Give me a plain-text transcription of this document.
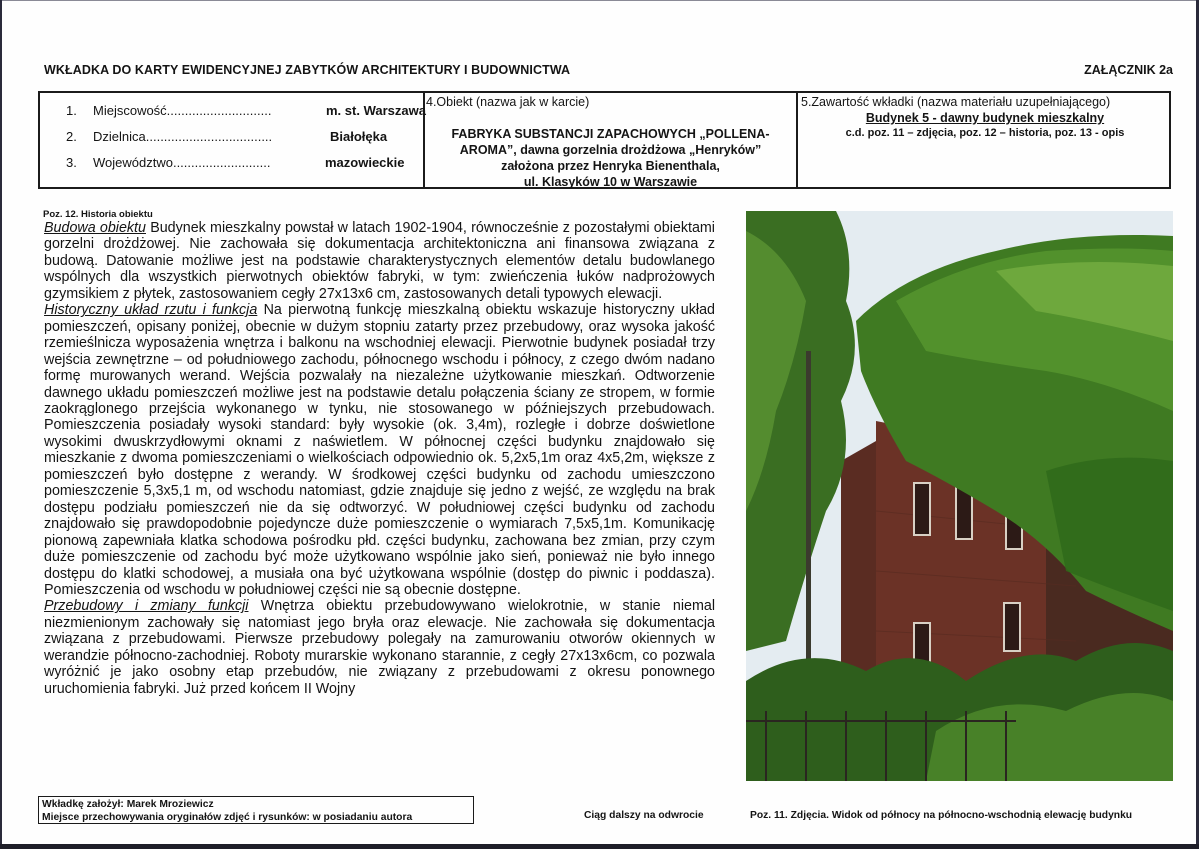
WKŁADKA DO KARTY EWIDENCYJNEJ ZABYTKÓW ARCHITEKTURY I BUDOWNICTWA	ZAŁĄCZNIK 2a
1. Miejscowość.............................	m. st. Warszawa
2. Dzielnica...................................	Białołęka
3. Województwo...........................	mazowieckie
4.Obiekt (nazwa jak w karcie)
FABRYKA SUBSTANCJI ZAPACHOWYCH „POLLENA-
AROMA”, dawna gorzelnia drożdżowa „Henryków”
założona przez Henryka Bienenthala,
ul. Klasyków 10 w Warszawie
5.Zawartość wkładki (nazwa materiału uzupełniającego)
Budynek 5 - dawny budynek mieszkalny
c.d. poz. 11 – zdjęcia, poz. 12 – historia, poz. 13 - opis
Poz. 12. Historia obiektu

Budowa obiektu Budynek mieszkalny powstał w latach 1902-1904, równocześnie z pozostałymi obiektami gorzelni drożdżowej. Nie zachowała się dokumentacja architektoniczna ani finansowa związana z budową. Datowanie możliwe jest na podstawie charakterystycznych elementów detalu budowlanego wspólnych dla wszystkich pierwotnych obiektów fabryki, w tym: zwieńczenia łuków nadprożowych gzymsikiem z płytek, zastosowaniem cegły 27x13x6 cm, zastosowanych detali typowych elewacji.

Historyczny układ rzutu i funkcja Na pierwotną funkcję mieszkalną obiektu wskazuje historyczny układ pomieszczeń, opisany poniżej, obecnie w dużym stopniu zatarty przez przebudowy, oraz wysoka jakość rzemieślnicza wyposażenia wnętrza i balkonu na wschodniej elewacji. Pierwotnie budynek posiadał trzy wejścia zewnętrzne – od południowego zachodu, północnego wschodu i północy, z czego dwóm nadano formę murowanych werand. Wejścia pozwalały na niezależne użytkowanie mieszkań. Odtworzenie dawnego układu pomieszczeń możliwe jest na podstawie detalu połączenia ściany ze stropem, w formie zaokrąglonego przejścia wykonanego w tynku, nie stosowanego w późniejszych przebudowach. Pomieszczenia posiadały wysoki standard: były wysokie (ok. 3,4m), rozległe i dobrze doświetlone wysokimi dwuskrzydłowymi oknami z naświetlem. W północnej części budynku znajdowało się mieszkanie z dwoma pomieszczeniami o wielkościach odpowiednio ok. 5,2x5,1m oraz 4x5,2m, większe z pomieszczeń było dostępne z werandy. W środkowej części budynku od zachodu umieszczono pomieszczenie 5,3x5,1 m, od wschodu natomiast, gdzie znajduje się jedno z wejść, ze względu na brak dostępu podziału pomieszczeń nie da się odtworzyć. W południowej części budynku od zachodu znajdowało się prawdopodobnie pojedyncze duże pomieszczenie o wymiarach 7,5x5,1m. Komunikację pionową zapewniała klatka schodowa pośrodku płd. części budynku, zachowana bez zmian, przy czym duże pomieszczenie od zachodu być może użytkowano wspólnie jako sień, ponieważ nie było innego dostępu do klatki schodowej, a musiała ona być użytkowana wspólnie (dostęp do piwnic i poddasza). Pomieszczenia od wschodu w południowej części nie są obecnie dostępne.

Przebudowy i zmiany funkcji Wnętrza obiektu przebudowywano wielokrotnie, w stanie niemal niezmienionym zachowały się natomiast jego bryła oraz elewacje. Nie zachowała się dokumentacja związana z przebudowami. Pierwsze przebudowy polegały na zamurowaniu otworów okiennych w werandzie północno-zachodniej. Roboty murarskie wykonano starannie, z cegły 27x13x6cm, co pozwala wyróżnić je jako osobny etap przebudów, nie związany z przebudowami z okresu ponownego uruchomienia fabryki. Już przed końcem II Wojny

Wkładkę założył: Marek Mroziewicz
Miejsce przechowywania oryginałów zdjęć i rysunków: w posiadaniu autora	Ciąg dalszy na odwrocie	Poz. 11. Zdjęcia. Widok od północy na północno-wschodnią elewację budynku
